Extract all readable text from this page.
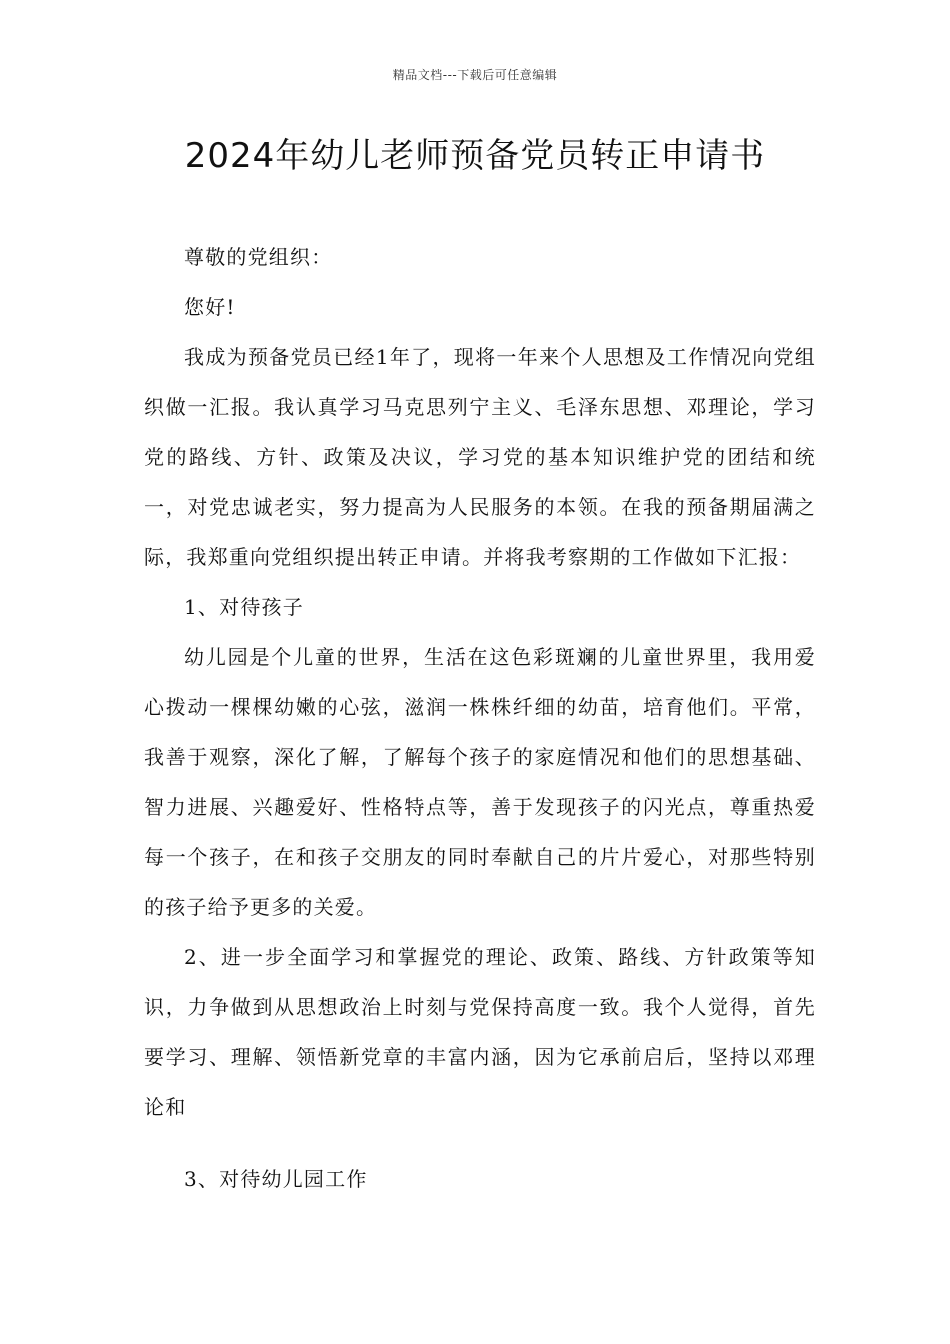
精品文档---下载后可任意编辑
2024年幼儿老师预备党员转正申请书

尊敬的党组织：

您好!

我成为预备党员已经1年了，现将一年来个人思想及工作情况向党组织做一汇报。我认真学习马克思列宁主义、毛泽东思想、邓理论，学习党的路线、方针、政策及决议，学习党的基本知识维护党的团结和统一，对党忠诚老实，努力提高为人民服务的本领。在我的预备期届满之际，我郑重向党组织提出转正申请。并将我考察期的工作做如下汇报：

1、对待孩子

幼儿园是个儿童的世界，生活在这色彩斑斓的儿童世界里，我用爱心拨动一棵棵幼嫩的心弦，滋润一株株纤细的幼苗，培育他们。平常，我善于观察，深化了解，了解每个孩子的家庭情况和他们的思想基础、智力进展、兴趣爱好、性格特点等，善于发现孩子的闪光点，尊重热爱每一个孩子，在和孩子交朋友的同时奉献自己的片片爱心，对那些特别的孩子给予更多的关爱。

2、进一步全面学习和掌握党的理论、政策、路线、方针政策等知识，力争做到从思想政治上时刻与党保持高度一致。我个人觉得，首先要学习、理解、领悟新党章的丰富内涵，因为它承前启后，坚持以邓理论和

3、对待幼儿园工作
